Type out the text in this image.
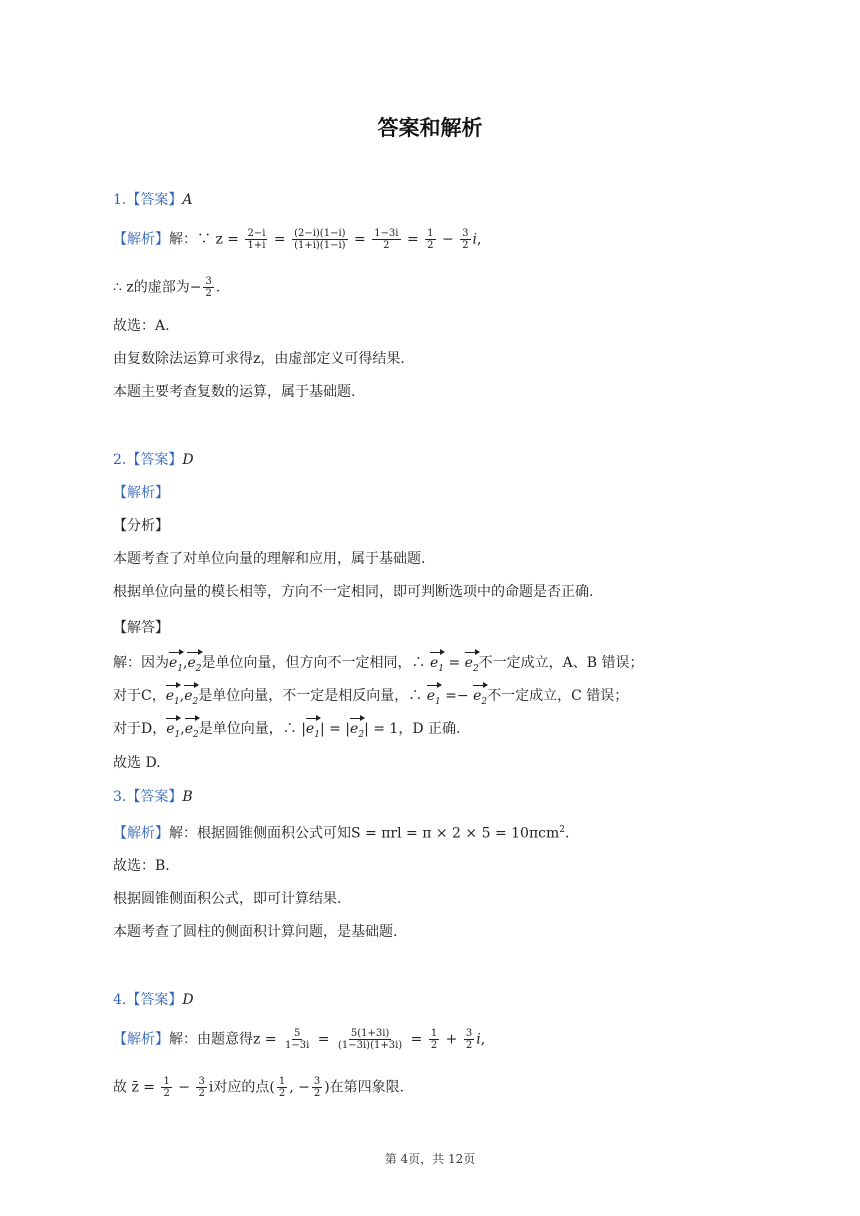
答案和解析
1.【答案】A
【解析】解：∵ $z = \frac{2-i}{1+i} = \frac{(2-i)(1-i)}{(1+i)(1-i)} = \frac{1-3i}{2} = \frac{1}{2} - \frac{3}{2} i$,
∴ z的虚部为− $\frac{3}{2}$ .
故选：A.
由复数除法运算可求得z，由虚部定义可得结果.
本题主要考查复数的运算，属于基础题.
2.【答案】D
【解析】
【分析】
本题考查了对单位向量的理解和应用，属于基础题.
根据单位向量的模长相等，方向不一定相同，即可判断选项中的命题是否正确.
【解答】
解：因为$e_1,e_2$是单位向量，但方向不一定相同，∴ $e_1 = e_2$不一定成立，A、B 错误；
对于C，$e_1,e_2$是单位向量，不一定是相反向量，∴ $e_1 =- e_2$不一定成立，C 错误；
对于D，$e_1,e_2$是单位向量，∴ $|e_1| = |e_2| = 1$，D 正确.
故选 D.
3.【答案】B
【解析】解：根据圆锥侧面积公式可知S = πrl = π × 2 × 5 = 10πcm$^2$.
故选：B.
根据圆锥侧面积公式，即可计算结果.
本题考查了圆柱的侧面积计算问题，是基础题.
4.【答案】D
【解析】解：由题意得$z = \frac{5}{1-3i} = \frac{5(1+3i)}{(1-3i)(1+3i)} = \frac{1}{2} + \frac{3}{2} i$,
故 z̄ = $\frac{1}{2} - \frac{3}{2}$ i对应的点( $\frac{1}{2}$ , − $\frac{3}{2}$ )在第四象限.
第 4页，共 12页
